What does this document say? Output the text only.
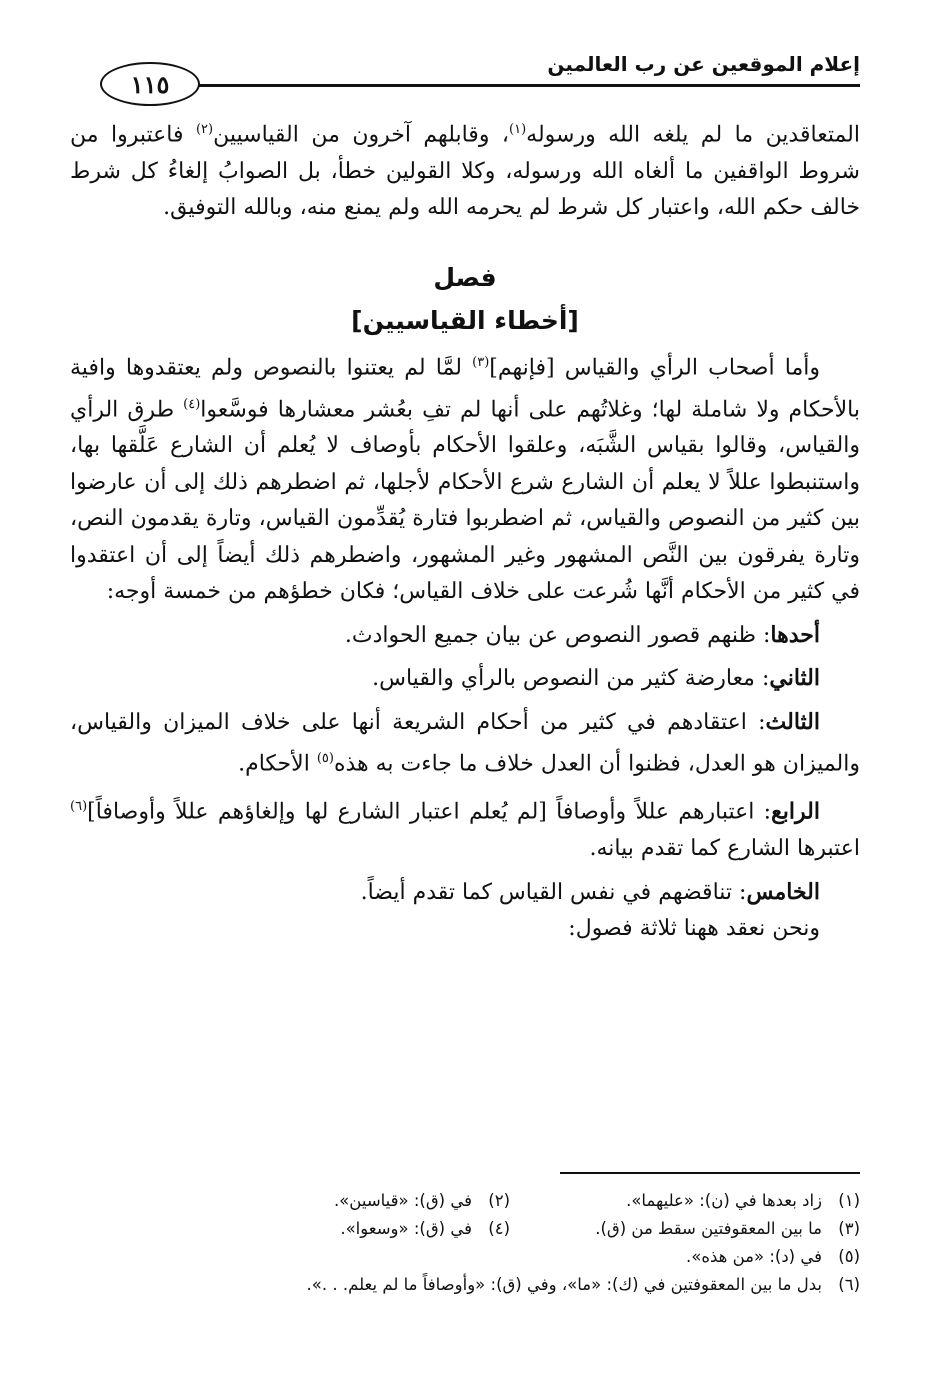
إعلام الموقعين عن رب العالمين
١١٥

المتعاقدين ما لم يلغه الله ورسوله$^{(١)}$، وقابلهم آخرون من القياسيين$^{(٢)}$ فاعتبروا من شروط الواقفين ما ألغاه الله ورسوله، وكلا القولين خطأ، بل الصوابُ إلغاءُ كل شرط خالف حكم الله، واعتبار كل شرط لم يحرمه الله ولم يمنع منه، وبالله التوفيق.

فصل

[أخطاء القياسيين]

وأما أصحاب الرأي والقياس [فإنهم]$^{(٣)}$ لمَّا لم يعتنوا بالنصوص ولم يعتقدوها وافية بالأحكام ولا شاملة لها؛ وغلاتُهم على أنها لم تفِ بعُشر معشارها فوسَّعوا$^{(٤)}$ طرق الرأي والقياس، وقالوا بقياس الشَّبَه، وعلقوا الأحكام بأوصاف لا يُعلم أن الشارع عَلَّقها بها، واستنبطوا عللاً لا يعلم أن الشارع شرع الأحكام لأجلها، ثم اضطرهم ذلك إلى أن عارضوا بين كثير من النصوص والقياس، ثم اضطربوا فتارة يُقدِّمون القياس، وتارة يقدمون النص، وتارة يفرقون بين النَّص المشهور وغير المشهور، واضطرهم ذلك أيضاً إلى أن اعتقدوا في كثير من الأحكام أنَّها شُرعت على خلاف القياس؛ فكان خطؤهم من خمسة أوجه:

أحدها: ظنهم قصور النصوص عن بيان جميع الحوادث.

الثاني: معارضة كثير من النصوص بالرأي والقياس.

الثالث: اعتقادهم في كثير من أحكام الشريعة أنها على خلاف الميزان والقياس، والميزان هو العدل، فظنوا أن العدل خلاف ما جاءت به هذه$^{(٥)}$ الأحكام.

الرابع: اعتبارهم عللاً وأوصافاً [لم يُعلم اعتبار الشارع لها وإلغاؤهم عللاً وأوصافاً]$^{(٦)}$ اعتبرها الشارع كما تقدم بيانه.

الخامس: تناقضهم في نفس القياس كما تقدم أيضاً.

ونحن نعقد ههنا ثلاثة فصول:

(١)زاد بعدها في (ن): «عليهما».
(٢)في (ق): «قياسين».
(٣)ما بين المعقوفتين سقط من (ق).
(٤)في (ق): «وسعوا».
(٥)في (د): «من هذه».
(٦)بدل ما بين المعقوفتين في (ك): «ما»، وفي (ق): «وأوصافاً ما لم يعلم. . .».
